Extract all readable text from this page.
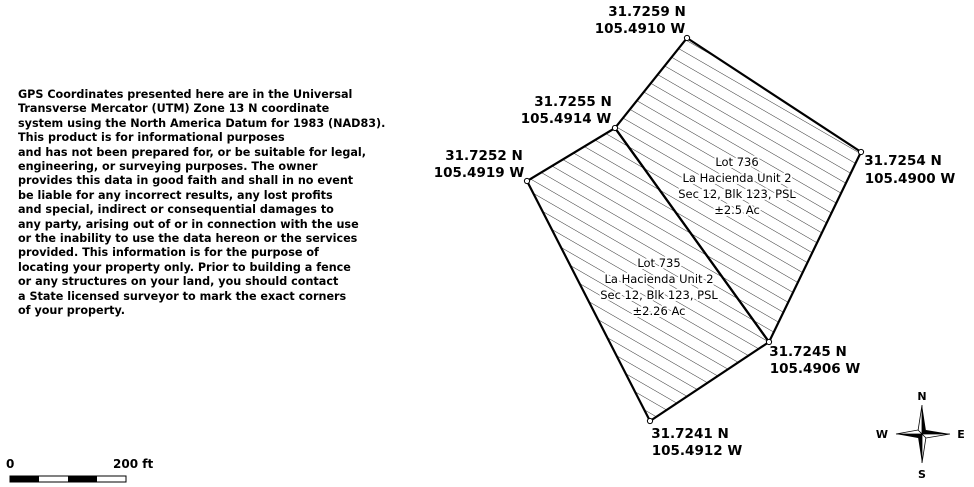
31.7259 N
105.4910 W
31.7255 N
105.4914 W
31.7252 N
105.4919 W
31.7254 N
105.4900 W
31.7245 N
105.4906 W
31.7241 N
105.4912 W
Lot 736
La Hacienda Unit 2
Sec 12, Blk 123, PSL
±2.5 Ac
Lot 735
La Hacienda Unit 2
Sec 12, Blk 123, PSL
±2.26 Ac
0	200 ft
N
S
E
W

GPS Coordinates presented here are in the Universal
Transverse Mercator (UTM) Zone 13 N coordinate
system using the North America Datum for 1983 (NAD83).
This product is for informational purposes
and has not been prepared for, or be suitable for legal,
engineering, or surveying purposes. The owner
provides this data in good faith and shall in no event
be liable for any incorrect results, any lost profits
and special, indirect or consequential damages to
any party, arising out of or in connection with the use
or the inability to use the data hereon or the services
provided. This information is for the purpose of
locating your property only. Prior to building a fence
or any structures on your land, you should contact
a State licensed surveyor to mark the exact corners
of your property.
